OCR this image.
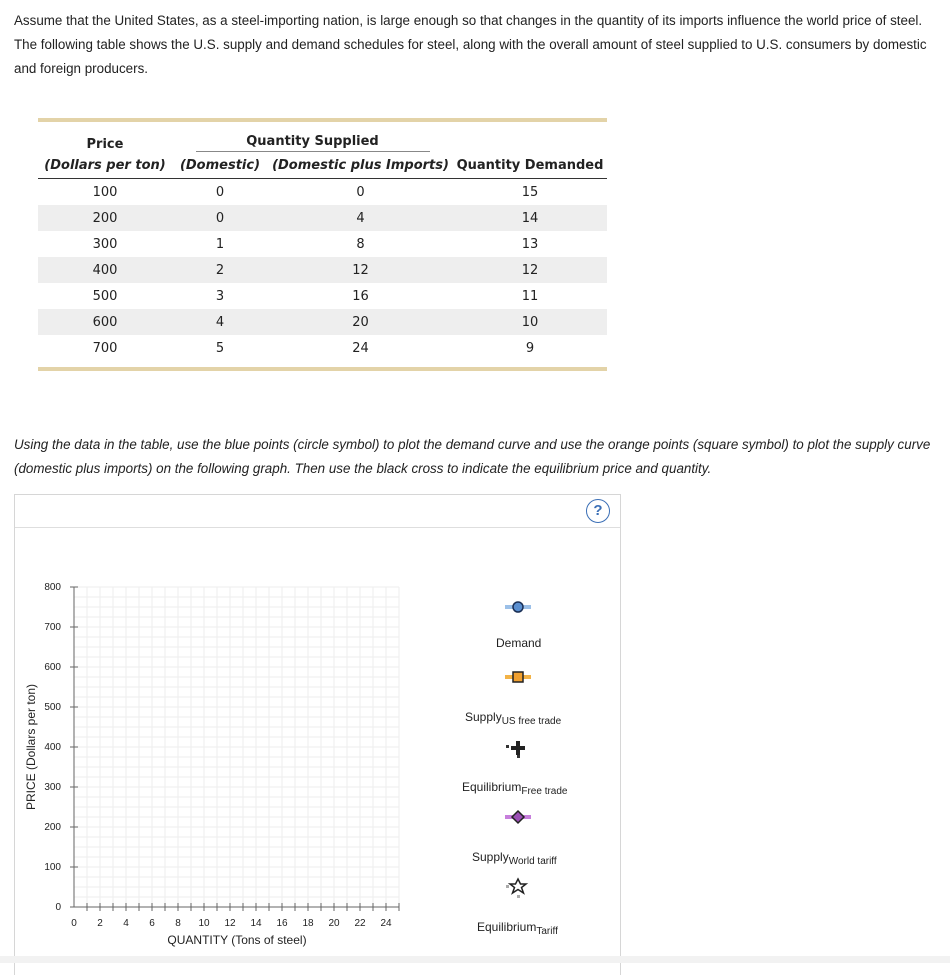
Assume that the United States, as a steel-importing nation, is large enough so that changes in the quantity of its imports influence the world price of steel. The following table shows the U.S. supply and demand schedules for steel, along with the overall amount of steel supplied to U.S. consumers by domestic and foreign producers.
Price	Quantity Supplied		
(Dollars per ton)	(Domestic)	(Domestic plus Imports)	Quantity Demanded
100	0	0	15
200	0	4	14
300	1	8	13
400	2	12	12
500	3	16	11
600	4	20	10
700	5	24	9
Using the data in the table, use the blue points (circle symbol) to plot the demand curve and use the orange points (square symbol) to plot the supply curve (domestic plus imports) on the following graph. Then use the black cross to indicate the equilibrium price and quantity.
?
0
100
200
300
400
500
600
700
800
0 2 4 6 8 10 12 14 16 18 20 22 24
PRICE (Dollars per ton)
QUANTITY (Tons of steel)
Demand
Supply$_{US free trade}$
Equilibrium$_{Free trade}$
Supply$_{World tariff}$
Equilibrium$_{Tariff}$
